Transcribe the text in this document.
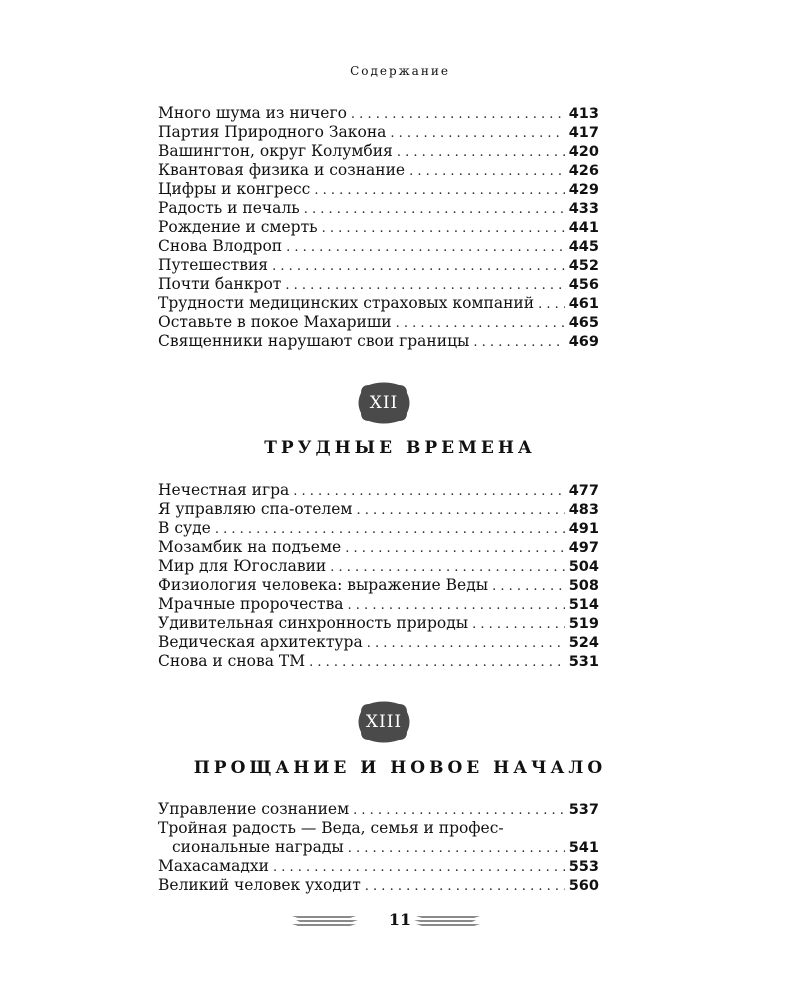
Содержание
Много шума из ничего . . .	413
Партия Природного Закона . . .	417
Вашингтон, округ Колумбия . . .	420
Квантовая физика и сознание . . .	426
Цифры и конгресс . . .	429
Радость и печаль . . .	433
Рождение и смерть . . .	441
Снова Влодроп . . .	445
Путешествия . . .	452
Почти банкрот . . .	456
Трудности медицинских страховых компаний . . . 461
Оставьте в покое Махариши . . .	465
Священники нарушают свои границы . . .	469
XII
ТРУДНЫЕ ВРЕМЕНА
Нечестная игра . . .	477
Я управляю спа-отелем . . .	483
В суде . . .	491
Мозамбик на подъеме . . .	497
Мир для Югославии . . .	504
Физиология человека: выражение Веды . . .	508
Мрачные пророчества . . .	514
Удивительная синхронность природы . . .	519
Ведическая архитектура . . .	524
Снова и снова ТМ . . .	531
XIII
ПРОЩАНИЕ И НОВОЕ НАЧАЛО
Управление сознанием . . .	537
Тройная радость — Веда, семья и профес-
сиональные награды . . .	541
Махасамадхи . . .	553
Великий человек уходит . . .	560
11
